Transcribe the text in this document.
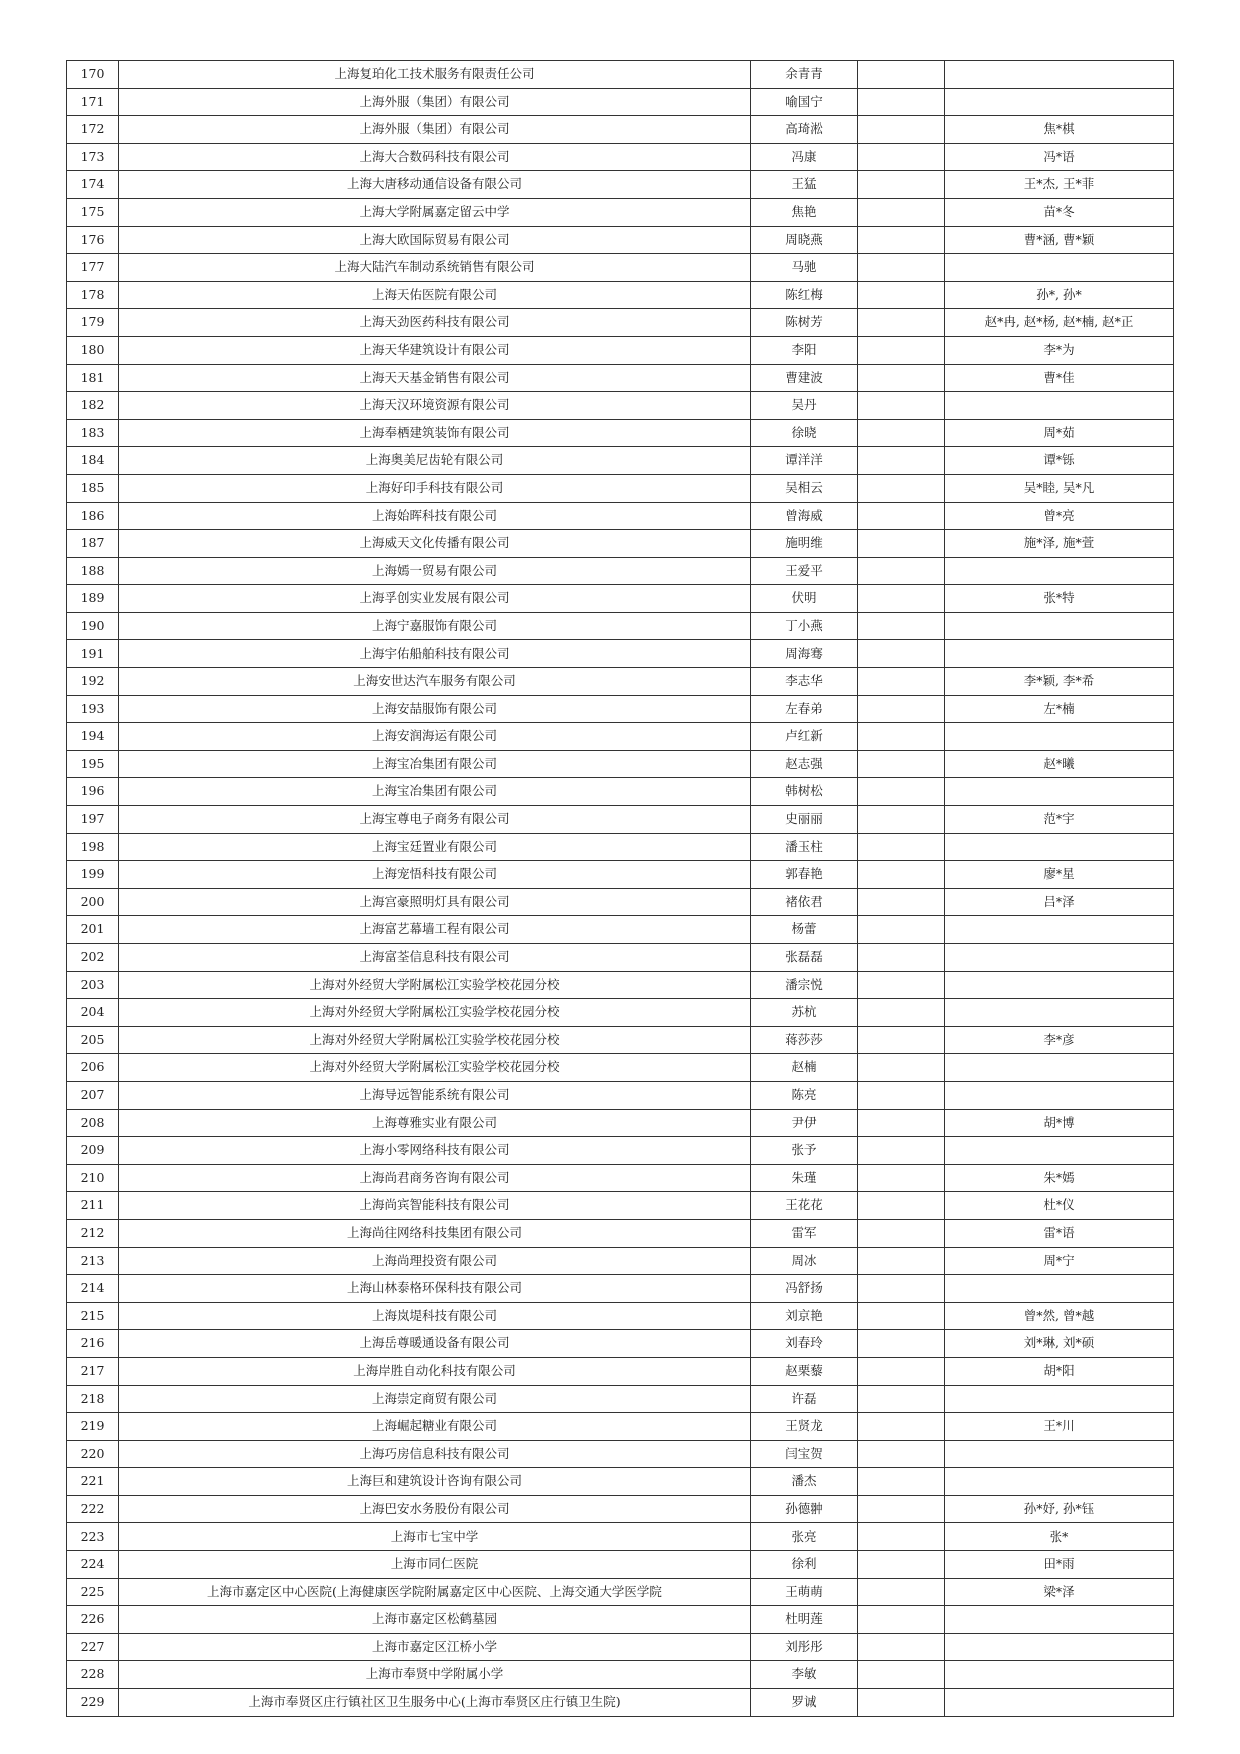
170	上海复珀化工技术服务有限责任公司	余青青		
171	上海外服（集团）有限公司	喻国宁		
172	上海外服（集团）有限公司	高琦淞		焦*棋
173	上海大合数码科技有限公司	冯康		冯*语
174	上海大唐移动通信设备有限公司	王猛		王*杰, 王*菲
175	上海大学附属嘉定留云中学	焦艳		苗*冬
176	上海大欧国际贸易有限公司	周晓燕		曹*涵, 曹*颖
177	上海大陆汽车制动系统销售有限公司	马驰		
178	上海天佑医院有限公司	陈红梅		孙*, 孙*
179	上海天劲医药科技有限公司	陈树芳		赵*冉, 赵*杨, 赵*楠, 赵*正
180	上海天华建筑设计有限公司	李阳		李*为
181	上海天天基金销售有限公司	曹建波		曹*佳
182	上海天汉环境资源有限公司	吴丹		
183	上海奉栖建筑装饰有限公司	徐晓		周*茹
184	上海奥美尼齿轮有限公司	谭洋洋		谭*铄
185	上海好印手科技有限公司	吴相云		吴*睦, 吴*凡
186	上海始晖科技有限公司	曾海威		曾*亮
187	上海威天文化传播有限公司	施明维		施*泽, 施*萱
188	上海嫣一贸易有限公司	王爱平		
189	上海孚创实业发展有限公司	伏明		张*特
190	上海宁嘉服饰有限公司	丁小燕		
191	上海宇佑船舶科技有限公司	周海骞		
192	上海安世达汽车服务有限公司	李志华		李*颖, 李*希
193	上海安喆服饰有限公司	左春弟		左*楠
194	上海安润海运有限公司	卢红新		
195	上海宝冶集团有限公司	赵志强		赵*曦
196	上海宝冶集团有限公司	韩树松		
197	上海宝尊电子商务有限公司	史丽丽		范*宇
198	上海宝廷置业有限公司	潘玉柱		
199	上海宠悟科技有限公司	郭春艳		廖*星
200	上海宫豪照明灯具有限公司	褚依君		吕*泽
201	上海富艺幕墙工程有限公司	杨蕾		
202	上海富荃信息科技有限公司	张磊磊		
203	上海对外经贸大学附属松江实验学校花园分校	潘宗悦		
204	上海对外经贸大学附属松江实验学校花园分校	苏杭		
205	上海对外经贸大学附属松江实验学校花园分校	蒋莎莎		李*彦
206	上海对外经贸大学附属松江实验学校花园分校	赵楠		
207	上海导远智能系统有限公司	陈亮		
208	上海尊雅实业有限公司	尹伊		胡*博
209	上海小零网络科技有限公司	张予		
210	上海尚君商务咨询有限公司	朱瑾		朱*嫣
211	上海尚宾智能科技有限公司	王花花		杜*仪
212	上海尚往网络科技集团有限公司	雷军		雷*语
213	上海尚理投资有限公司	周冰		周*宁
214	上海山林泰格环保科技有限公司	冯舒扬		
215	上海岚堤科技有限公司	刘京艳		曾*然, 曾*越
216	上海岳尊暖通设备有限公司	刘春玲		刘*琳, 刘*硕
217	上海岸胜自动化科技有限公司	赵栗藜		胡*阳
218	上海崇定商贸有限公司	许磊		
219	上海崛起糖业有限公司	王贤龙		王*川
220	上海巧房信息科技有限公司	闫宝贺		
221	上海巨和建筑设计咨询有限公司	潘杰		
222	上海巴安水务股份有限公司	孙德翀		孙*妤, 孙*钰
223	上海市七宝中学	张亮		张*
224	上海市同仁医院	徐利		田*雨
225	上海市嘉定区中心医院(上海健康医学院附属嘉定区中心医院、上海交通大学医学院	王萌萌		梁*泽
226	上海市嘉定区松鹤墓园	杜明莲		
227	上海市嘉定区江桥小学	刘彤彤		
228	上海市奉贤中学附属小学	李敏		
229	上海市奉贤区庄行镇社区卫生服务中心(上海市奉贤区庄行镇卫生院)	罗诚		
